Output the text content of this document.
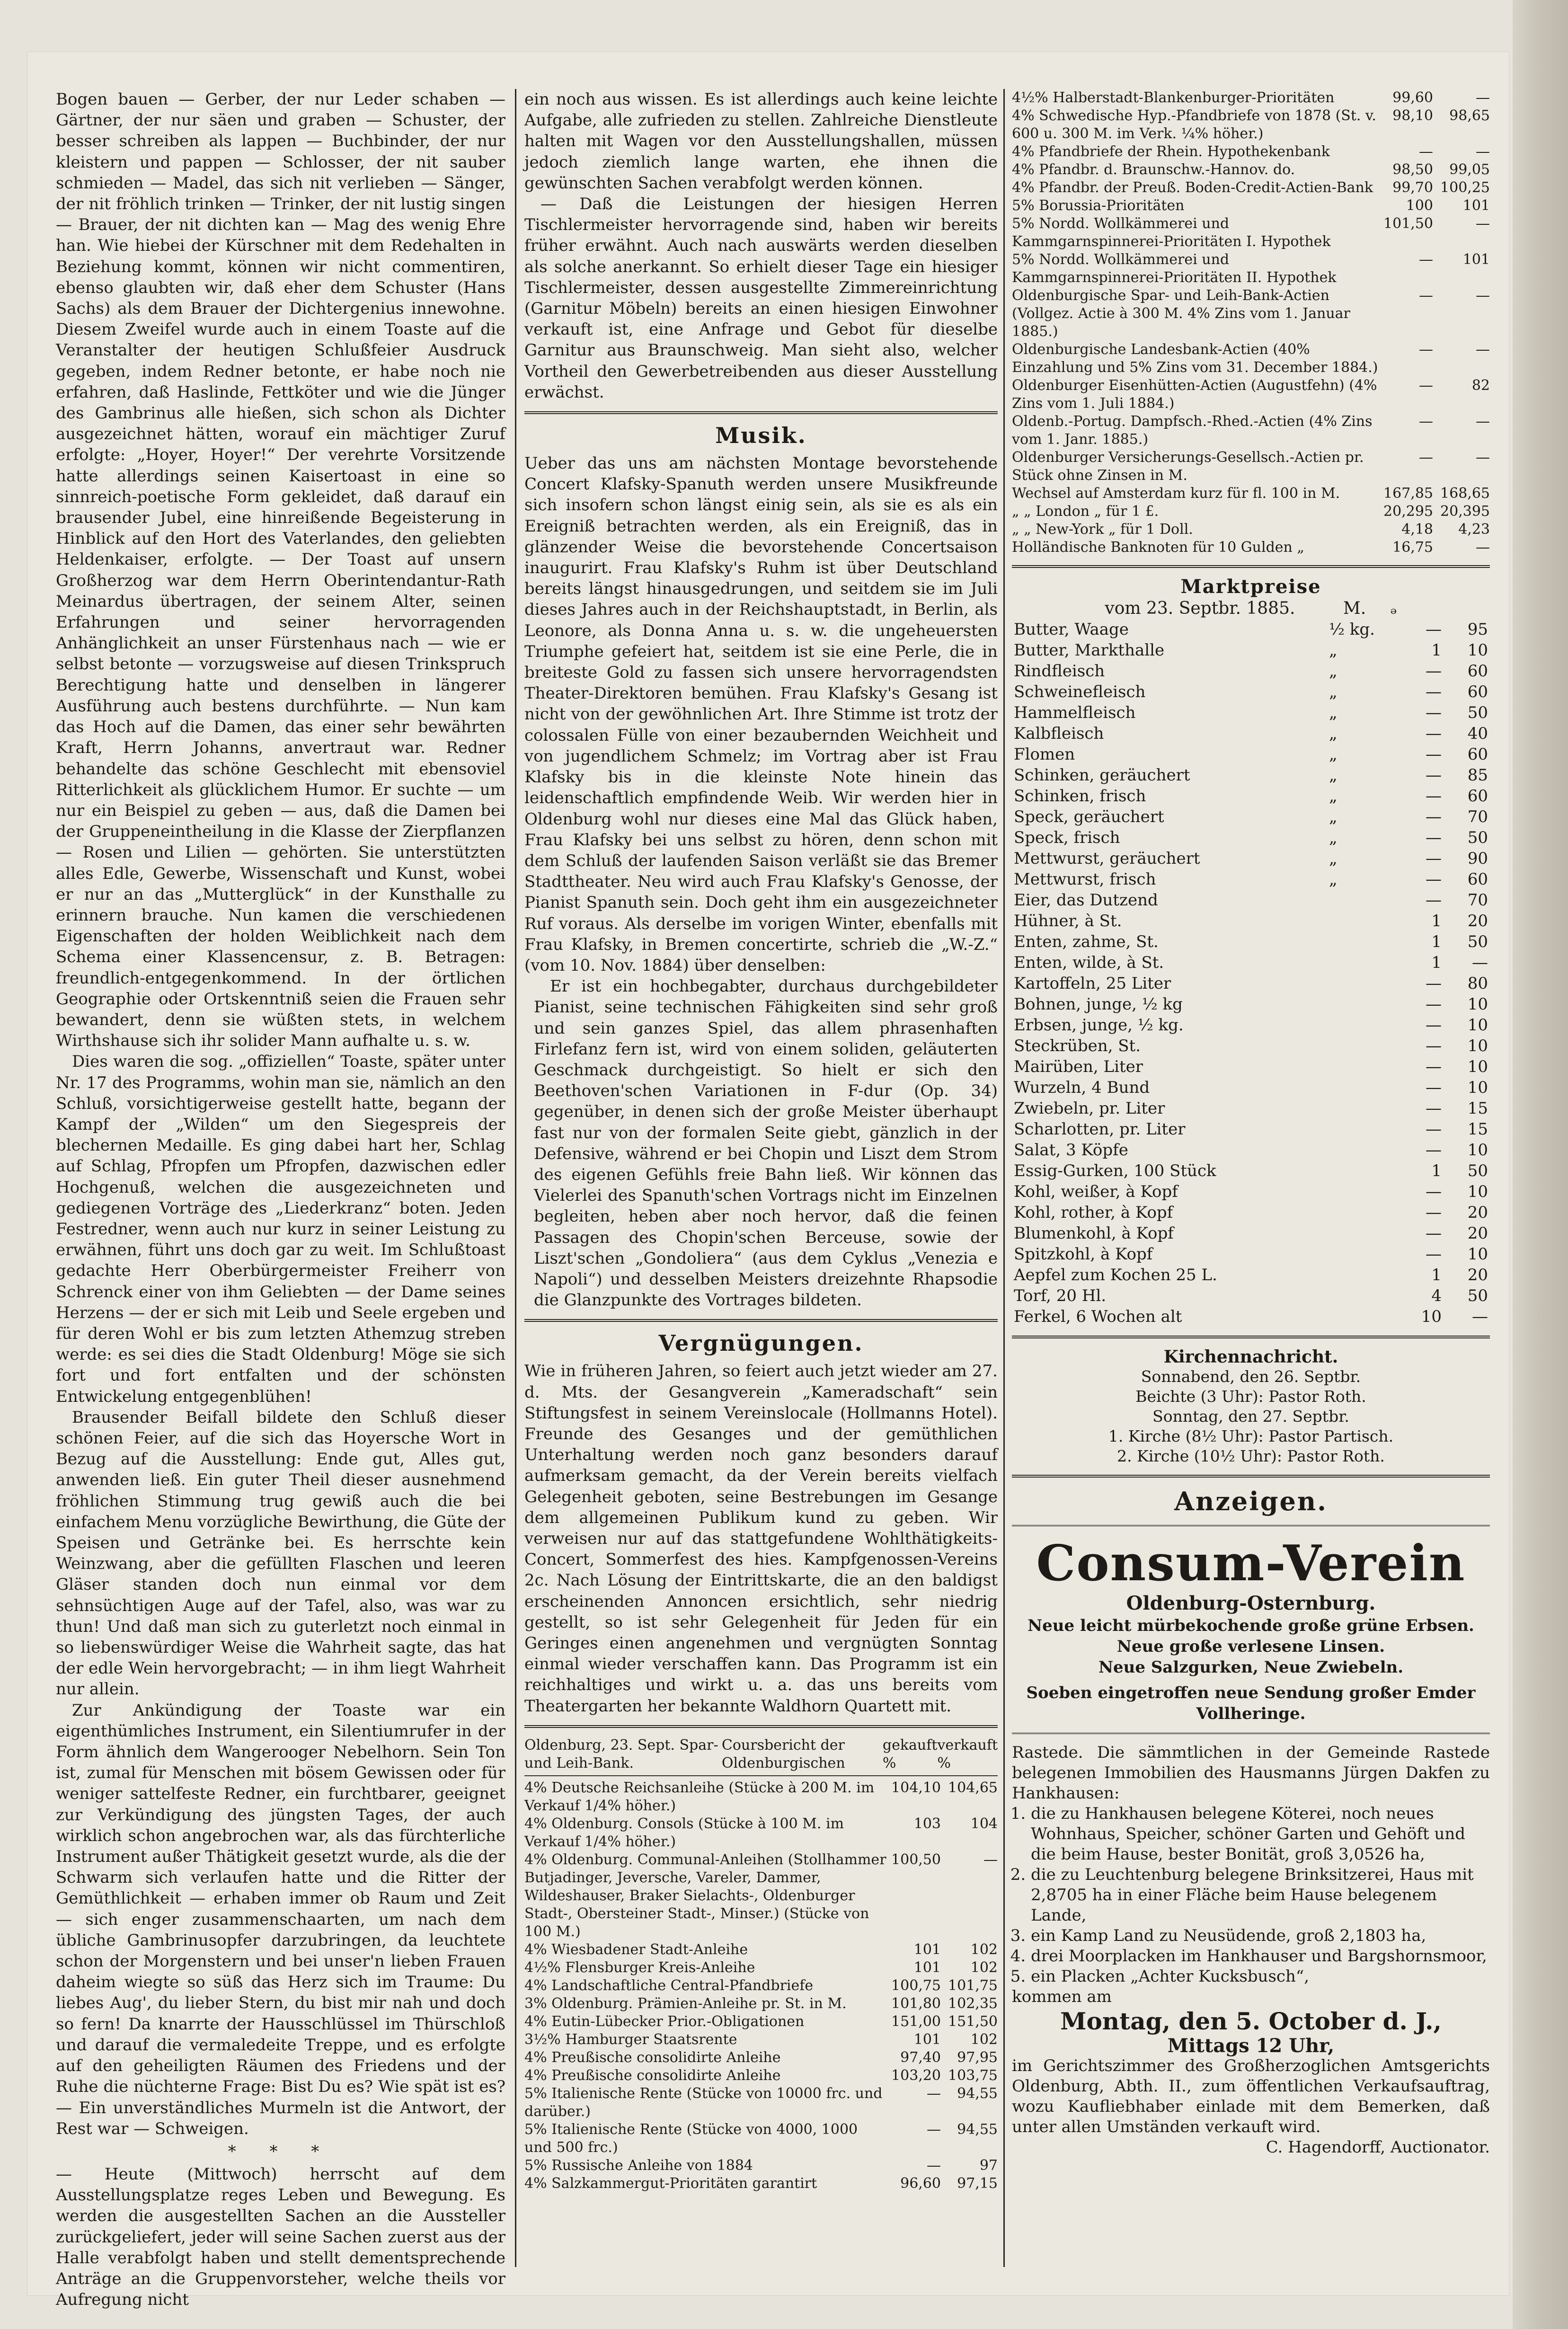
Bogen bauen — Gerber, der nur Leder schaben — Gärtner, der nur säen und graben — Schuster, der besser schreiben als lappen — Buchbinder, der nur kleistern und pappen — Schlosser, der nit sauber schmieden — Madel, das sich nit verlieben — Sänger, der nit fröhlich trinken — Trinker, der nit lustig singen — Brauer, der nit dichten kan — Mag des wenig Ehre han. Wie hiebei der Kürschner mit dem Redehalten in Beziehung kommt, können wir nicht commentiren, ebenso glaubten wir, daß eher dem Schuster (Hans Sachs) als dem Brauer der Dichtergenius innewohne. Diesem Zweifel wurde auch in einem Toaste auf die Veranstalter der heutigen Schlußfeier Ausdruck gegeben, indem Redner betonte, er habe noch nie erfahren, daß Haslinde, Fettköter und wie die Jünger des Gambrinus alle hießen, sich schon als Dichter ausgezeichnet hätten, worauf ein mächtiger Zuruf erfolgte: „Hoyer, Hoyer!“ Der verehrte Vorsitzende hatte allerdings seinen Kaisertoast in eine so sinnreich-poetische Form gekleidet, daß darauf ein brausender Jubel, eine hinreißende Begeisterung in Hinblick auf den Hort des Vaterlandes, den geliebten Heldenkaiser, erfolgte. — Der Toast auf unsern Großherzog war dem Herrn Oberintendantur-Rath Meinardus übertragen, der seinem Alter, seinen Erfahrungen und seiner hervorragenden Anhänglichkeit an unser Fürstenhaus nach — wie er selbst betonte — vorzugsweise auf diesen Trinkspruch Berechtigung hatte und denselben in längerer Ausführung auch bestens durchführte. — Nun kam das Hoch auf die Damen, das einer sehr bewährten Kraft, Herrn Johanns, anvertraut war. Redner behandelte das schöne Geschlecht mit ebensoviel Ritterlichkeit als glücklichem Humor. Er suchte — um nur ein Beispiel zu geben — aus, daß die Damen bei der Gruppeneintheilung in die Klasse der Zierpflanzen — Rosen und Lilien — gehörten. Sie unterstützten alles Edle, Gewerbe, Wissenschaft und Kunst, wobei er nur an das „Mutterglück“ in der Kunsthalle zu erinnern brauche. Nun kamen die verschiedenen Eigenschaften der holden Weiblichkeit nach dem Schema einer Klassencensur, z. B. Betragen: freundlich-entgegenkommend. In der örtlichen Geographie oder Ortskenntniß seien die Frauen sehr bewandert, denn sie wüßten stets, in welchem Wirthshause sich ihr solider Mann aufhalte u. s. w.

Dies waren die sog. „offiziellen“ Toaste, später unter Nr. 17 des Programms, wohin man sie, nämlich an den Schluß, vorsichtigerweise gestellt hatte, begann der Kampf der „Wilden“ um den Siegespreis der blechernen Medaille. Es ging dabei hart her, Schlag auf Schlag, Pfropfen um Pfropfen, dazwischen edler Hochgenuß, welchen die ausgezeichneten und gediegenen Vorträge des „Liederkranz“ boten. Jeden Festredner, wenn auch nur kurz in seiner Leistung zu erwähnen, führt uns doch gar zu weit. Im Schlußtoast gedachte Herr Oberbürgermeister Freiherr von Schrenck einer von ihm Geliebten — der Dame seines Herzens — der er sich mit Leib und Seele ergeben und für deren Wohl er bis zum letzten Athemzug streben werde: es sei dies die Stadt Oldenburg! Möge sie sich fort und fort entfalten und der schönsten Entwickelung entgegenblühen!

Brausender Beifall bildete den Schluß dieser schönen Feier, auf die sich das Hoyersche Wort in Bezug auf die Ausstellung: Ende gut, Alles gut, anwenden ließ. Ein guter Theil dieser ausnehmend fröhlichen Stimmung trug gewiß auch die bei einfachem Menu vorzügliche Bewirthung, die Güte der Speisen und Getränke bei. Es herrschte kein Weinzwang, aber die gefüllten Flaschen und leeren Gläser standen doch nun einmal vor dem sehnsüchtigen Auge auf der Tafel, also, was war zu thun! Und daß man sich zu guterletzt noch einmal in so liebenswürdiger Weise die Wahrheit sagte, das hat der edle Wein hervorgebracht; — in ihm liegt Wahrheit nur allein.

Zur Ankündigung der Toaste war ein eigenthümliches Instrument, ein Silentiumrufer in der Form ähnlich dem Wangerooger Nebelhorn. Sein Ton ist, zumal für Menschen mit bösem Gewissen oder für weniger sattelfeste Redner, ein furchtbarer, geeignet zur Verkündigung des jüngsten Tages, der auch wirklich schon angebrochen war, als das fürchterliche Instrument außer Thätigkeit gesetzt wurde, als die der Schwarm sich verlaufen hatte und die Ritter der Gemüthlichkeit — erhaben immer ob Raum und Zeit — sich enger zusammenschaarten, um nach dem übliche Gambrinusopfer darzubringen, da leuchtete schon der Morgenstern und bei unser'n lieben Frauen daheim wiegte so süß das Herz sich im Traume: Du liebes Aug', du lieber Stern, du bist mir nah und doch so fern! Da knarrte der Hausschlüssel im Thürschloß und darauf die vermaledeite Treppe, und es erfolgte auf den geheiligten Räumen des Friedens und der Ruhe die nüchterne Frage: Bist Du es? Wie spät ist es? — Ein unverständliches Murmeln ist die Antwort, der Rest war — Schweigen.

* * *

— Heute (Mittwoch) herrscht auf dem Ausstellungsplatze reges Leben und Bewegung. Es werden die ausgestellten Sachen an die Aussteller zurückgeliefert, jeder will seine Sachen zuerst aus der Halle verabfolgt haben und stellt dementsprechende Anträge an die Gruppenvorsteher, welche theils vor Aufregung nicht

ein noch aus wissen. Es ist allerdings auch keine leichte Aufgabe, alle zufrieden zu stellen. Zahlreiche Dienstleute halten mit Wagen vor den Ausstellungshallen, müssen jedoch ziemlich lange warten, ehe ihnen die gewünschten Sachen verabfolgt werden können.

— Daß die Leistungen der hiesigen Herren Tischlermeister hervorragende sind, haben wir bereits früher erwähnt. Auch nach auswärts werden dieselben als solche anerkannt. So erhielt dieser Tage ein hiesiger Tischlermeister, dessen ausgestellte Zimmereinrichtung (Garnitur Möbeln) bereits an einen hiesigen Einwohner verkauft ist, eine Anfrage und Gebot für dieselbe Garnitur aus Braunschweig. Man sieht also, welcher Vortheil den Gewerbetreibenden aus dieser Ausstellung erwächst.

Musik.

Ueber das uns am nächsten Montage bevorstehende Concert Klafsky-Spanuth werden unsere Musikfreunde sich insofern schon längst einig sein, als sie es als ein Ereigniß betrachten werden, als ein Ereigniß, das in glänzender Weise die bevorstehende Concertsaison inaugurirt. Frau Klafsky's Ruhm ist über Deutschland bereits längst hinausgedrungen, und seitdem sie im Juli dieses Jahres auch in der Reichshauptstadt, in Berlin, als Leonore, als Donna Anna u. s. w. die ungeheuersten Triumphe gefeiert hat, seitdem ist sie eine Perle, die in breiteste Gold zu fassen sich unsere hervorragendsten Theater-Direktoren bemühen. Frau Klafsky's Gesang ist nicht von der gewöhnlichen Art. Ihre Stimme ist trotz der colossalen Fülle von einer bezaubernden Weichheit und von jugendlichem Schmelz; im Vortrag aber ist Frau Klafsky bis in die kleinste Note hinein das leidenschaftlich empfindende Weib. Wir werden hier in Oldenburg wohl nur dieses eine Mal das Glück haben, Frau Klafsky bei uns selbst zu hören, denn schon mit dem Schluß der laufenden Saison verläßt sie das Bremer Stadttheater. Neu wird auch Frau Klafsky's Genosse, der Pianist Spanuth sein. Doch geht ihm ein ausgezeichneter Ruf voraus. Als derselbe im vorigen Winter, ebenfalls mit Frau Klafsky, in Bremen concertirte, schrieb die „W.-Z.“ (vom 10. Nov. 1884) über denselben:

Er ist ein hochbegabter, durchaus durchgebildeter Pianist, seine technischen Fähigkeiten sind sehr groß und sein ganzes Spiel, das allem phrasenhaften Firlefanz fern ist, wird von einem soliden, geläuterten Geschmack durchgeistigt. So hielt er sich den Beethoven'schen Variationen in F-dur (Op. 34) gegenüber, in denen sich der große Meister überhaupt fast nur von der formalen Seite giebt, gänzlich in der Defensive, während er bei Chopin und Liszt dem Strom des eigenen Gefühls freie Bahn ließ. Wir können das Vielerlei des Spanuth'schen Vortrags nicht im Einzelnen begleiten, heben aber noch hervor, daß die feinen Passagen des Chopin'schen Berceuse, sowie der Liszt'schen „Gondoliera“ (aus dem Cyklus „Venezia e Napoli“) und desselben Meisters dreizehnte Rhapsodie die Glanzpunkte des Vortrages bildeten.

Vergnügungen.

Wie in früheren Jahren, so feiert auch jetzt wieder am 27. d. Mts. der Gesangverein „Kameradschaft“ sein Stiftungsfest in seinem Vereinslocale (Hollmanns Hotel). Freunde des Gesanges und der gemüthlichen Unterhaltung werden noch ganz besonders darauf aufmerksam gemacht, da der Verein bereits vielfach Gelegenheit geboten, seine Bestrebungen im Gesange dem allgemeinen Publikum kund zu geben. Wir verweisen nur auf das stattgefundene Wohlthätigkeits-Concert, Sommerfest des hies. Kampfgenossen-Vereins 2c. Nach Lösung der Eintrittskarte, die an den baldigst erscheinenden Annoncen ersichtlich, sehr niedrig gestellt, so ist sehr Gelegenheit für Jeden für ein Geringes einen angenehmen und vergnügten Sonntag einmal wieder verschaffen kann. Das Programm ist ein reichhaltiges und wirkt u. a. das uns bereits vom Theatergarten her bekannte Waldhorn Quartett mit.

Oldenburg, 23. Sept. Spar- und Leih-Bank.
Coursbericht der Oldenburgischen
gekauft %
verkauft %
4% Deutsche Reichsanleihe (Stücke à 200 M. im Verkauf 1/4% höher.)	104,10	104,65
4% Oldenburg. Consols (Stücke à 100 M. im Verkauf 1/4% höher.)	103	104
4% Oldenburg. Communal-Anleihen (Stollhammer Butjadinger, Jeversche, Vareler, Dammer, Wildeshauser, Braker Sielachts-, Oldenburger Stadt-, Obersteiner Stadt-, Minser.) (Stücke von 100 M.)	100,50	—
4% Wiesbadener Stadt-Anleihe	101	102
4½% Flensburger Kreis-Anleihe	101	102
4% Landschaftliche Central-Pfandbriefe	100,75	101,75
3% Oldenburg. Prämien-Anleihe pr. St. in M.	101,80	102,35
4% Eutin-Lübecker Prior.-Obligationen	151,00	151,50
3½% Hamburger Staatsrente	101	102
4% Preußische consolidirte Anleihe	97,40	97,95
4% Preußische consolidirte Anleihe	103,20	103,75
5% Italienische Rente (Stücke von 10000 frc. und darüber.)	—	94,55
5% Italienische Rente (Stücke von 4000, 1000 und 500 frc.)	—	94,55
5% Russische Anleihe von 1884	—	97
4% Salzkammergut-Prioritäten garantirt	96,60	97,15
4½% Halberstadt-Blankenburger-Prioritäten	99,60	—
4% Schwedische Hyp.-Pfandbriefe von 1878 (St. v. 600 u. 300 M. im Verk. ¼% höher.)	98,10	98,65
4% Pfandbriefe der Rhein. Hypothekenbank	—	—
4% Pfandbr. d. Braunschw.-Hannov. do.	98,50	99,05
4% Pfandbr. der Preuß. Boden-Credit-Actien-Bank	99,70	100,25
5% Borussia-Prioritäten	100	101
5% Nordd. Wollkämmerei und Kammgarnspinnerei-Prioritäten I. Hypothek	101,50	—
5% Nordd. Wollkämmerei und Kammgarnspinnerei-Prioritäten II. Hypothek	—	101
Oldenburgische Spar- und Leih-Bank-Actien (Vollgez. Actie à 300 M. 4% Zins vom 1. Januar 1885.)	—	—
Oldenburgische Landesbank-Actien (40% Einzahlung und 5% Zins vom 31. December 1884.)	—	—
Oldenburger Eisenhütten-Actien (Augustfehn) (4% Zins vom 1. Juli 1884.)	—	82
Oldenb.-Portug. Dampfsch.-Rhed.-Actien (4% Zins vom 1. Janr. 1885.)	—	—
Oldenburger Versicherungs-Gesellsch.-Actien pr. Stück ohne Zinsen in M.	—	—
Wechsel auf Amsterdam kurz für fl. 100 in M.	167,85	168,65
„ „ London „ für 1 £.	20,295	20,395
„ „ New-York „ für 1 Doll.	4,18	4,23
Holländische Banknoten für 10 Gulden „	16,75	—
Marktpreise
vom 23. Septbr. 1885.	M. ₔ
Butter, Waage	½ kg.	—	95
Butter, Markthalle	„	1	10
Rindfleisch	„	—	60
Schweinefleisch	„	—	60
Hammelfleisch	„	—	50
Kalbfleisch	„	—	40
Flomen	„	—	60
Schinken, geräuchert	„	—	85
Schinken, frisch	„	—	60
Speck, geräuchert	„	—	70
Speck, frisch	„	—	50
Mettwurst, geräuchert	„	—	90
Mettwurst, frisch	„	—	60
Eier, das Dutzend		—	70
Hühner, à St.		1	20
Enten, zahme, St.		1	50
Enten, wilde, à St.		1	—
Kartoffeln, 25 Liter		—	80
Bohnen, junge, ½ kg		—	10
Erbsen, junge, ½ kg.		—	10
Steckrüben, St.		—	10
Mairüben, Liter		—	10
Wurzeln, 4 Bund		—	10
Zwiebeln, pr. Liter		—	15
Scharlotten, pr. Liter		—	15
Salat, 3 Köpfe		—	10
Essig-Gurken, 100 Stück		1	50
Kohl, weißer, à Kopf		—	10
Kohl, rother, à Kopf		—	20
Blumenkohl, à Kopf		—	20
Spitzkohl, à Kopf		—	10
Aepfel zum Kochen 25 L.		1	20
Torf, 20 Hl.		4	50
Ferkel, 6 Wochen alt		10	—
Kirchennachricht.
Sonnabend, den 26. Septbr.
Beichte (3 Uhr): Pastor Roth.
Sonntag, den 27. Septbr.
1. Kirche (8½ Uhr): Pastor Partisch.
2. Kirche (10½ Uhr): Pastor Roth.
Anzeigen.
Consum-Verein
Oldenburg-Osternburg.
Neue leicht mürbekochende große grüne Erbsen.
Neue große verlesene Linsen.
Neue Salzgurken, Neue Zwiebeln.
Soeben eingetroffen neue Sendung großer Emder Vollheringe.

Rastede. Die sämmtlichen in der Gemeinde Rastede belegenen Immobilien des Hausmanns Jürgen Dakfen zu Hankhausen:

1. die zu Hankhausen belegene Köterei, noch neues Wohnhaus, Speicher, schöner Garten und Gehöft und die beim Hause, bester Bonität, groß 3,0526 ha,
2. die zu Leuchtenburg belegene Brinksitzerei, Haus mit 2,8705 ha in einer Fläche beim Hause belegenem Lande,
3. ein Kamp Land zu Neusüdende, groß 2,1803 ha,
4. drei Moorplacken im Hankhauser und Bargshornsmoor,
5. ein Placken „Achter Kucksbusch“,

kommen am

Montag, den 5. October d. J.,

Mittags 12 Uhr,

im Gerichtszimmer des Großherzoglichen Amtsgerichts Oldenburg, Abth. II., zum öffentlichen Verkaufsauftrag, wozu Kaufliebhaber einlade mit dem Bemerken, daß unter allen Umständen verkauft wird.

C. Hagendorff, Auctionator.
